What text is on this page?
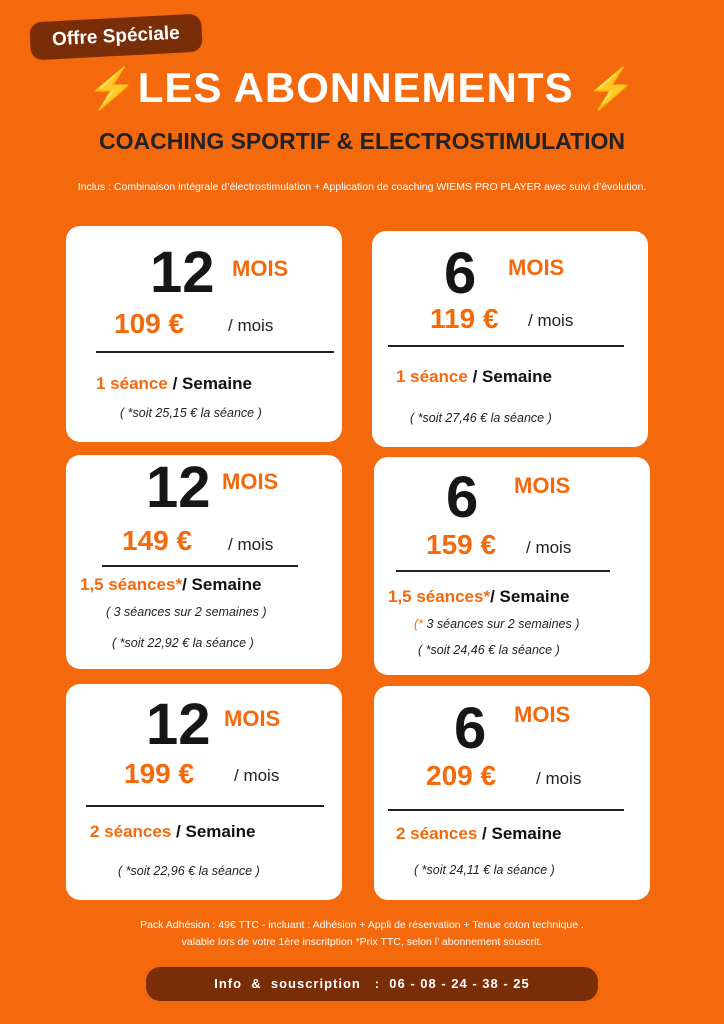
Offre Spéciale
⚡LES ABONNEMENTS ⚡
COACHING SPORTIF & ELECTROSTIMULATION
Inclus : Combinaison intégrale d’électrostimulation + Application de coaching WIEMS PRO PLAYER avec suivi d’évolution.
12 MOIS
109 €	/ mois
1 séance / Semaine
( *soit 25,15 € la séance )
6 MOIS
119 € / mois
1 séance / Semaine
( *soit 27,46 € la séance )
12 MOIS
149 € / mois
1,5 séances*/ Semaine
( 3 séances sur 2 semaines )
( *soit 22,92 € la séance )
6 MOIS
159 € / mois
1,5 séances*/ Semaine
(* 3 séances sur 2 semaines )
( *soit 24,46 € la séance )
12 MOIS
199 € / mois
2 séances / Semaine
( *soit 22,96 € la séance )
6 MOIS
209 € / mois
2 séances / Semaine
( *soit 24,11 € la séance )
Pack Adhésion : 49€ TTC - incluant : Adhésion + Appli de réservation + Tenue coton technique .
valable lors de votre 1ère inscritption *Prix TTC, selon l’ abonnement souscrit.
Info  &  souscription   :  06 - 08 - 24 - 38 - 25
